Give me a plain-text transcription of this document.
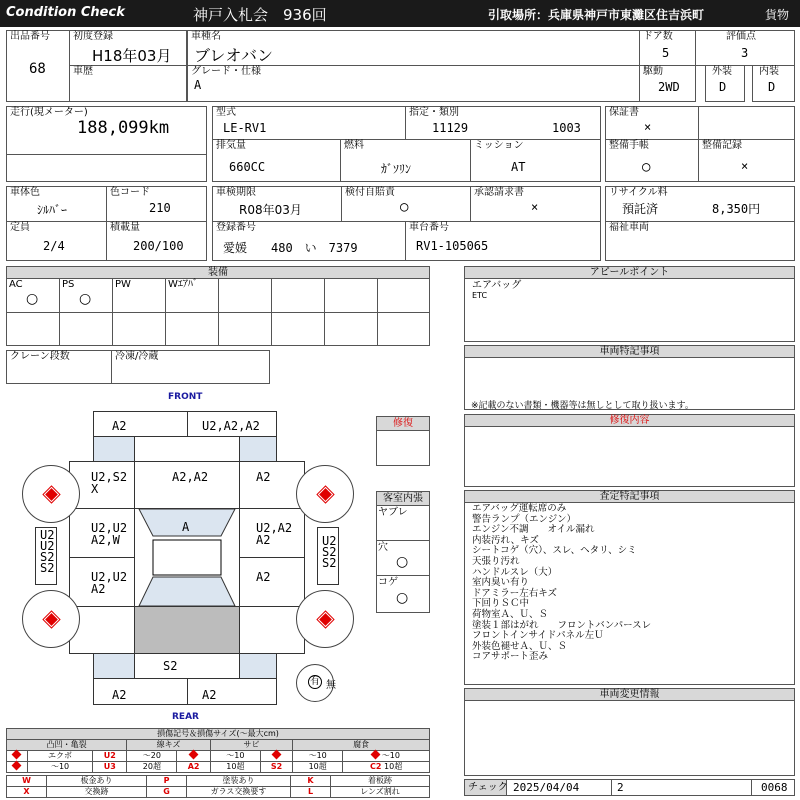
Condition Check	神戸入札会　936回	引取場所：兵庫県神戸市東灘区住吉浜町	貨物
出品番号
68
初度登録
H18年03月
車種名
ブレオバン
ドア数
5
評価点
3
車歴	グレード・仕様
A
駆動
2WD
外装
D
内装
D
走行(現メーター)
188,099km
型式
LE-RV1
指定・類別
11129	1003
保証書
×
排気量
660CC
燃料
ｶﾞｿﾘﾝ
ミッション
AT
整備手帳
○
整備記録
×
車体色
ｼﾙﾊﾞｰ
色コード
210
車検期限
R08年03月
検付自賠責
○
承認請求書
×
リサイクル料
預託済	8,350円
定員
2/4
積載量
200/100
登録番号
愛媛　　480　い　7379
車台番号
RV1-105065
福祉車両
装備
AC
○
PS
○
PW	Wｴｱﾊﾞ
クレーン段数	冷凍/冷蔵
FRONT
REAR
A2	U2,A2,A2
U2,S2
X
A2,A2	A2
U2,U2
A2,W
U2,A2
A2
U2,U2
A2
A2
A
U2
U2
S2
S2
U2
S2
S2
S2
A2	A2
有 無
修復
客室内張
ヤブレ
穴
○
コゲ
○
損傷記号＆損傷サイズ(〜最大cm)
凸凹・亀裂			線キズ		サビ		腐食	
	エクボ	U2	〜20		〜10		〜10	〜10
	〜10	U3	20超	A2	10超	S2	10超	C2 10超
W	板金あり	P	塗装あり	K	着板跡
X	交換跡	G	ガラス交換要す	L	レンズ割れ
アピールポイント
エアバッグ
ETC
車両特記事項
※記載のない書類・機器等は無しとして取り扱います。
修復内容
査定特記事項
エアバッグ運転席のみ
警告ランプ（エンジン）
エンジン不調　　オイル漏れ
内装汚れ、キズ
シートコゲ（穴）、スレ、ヘタリ、シミ
天張り汚れ
ハンドルスレ（大）
室内臭い有り
ドアミラー左右キズ
下回りＳＣ中
荷物室Ａ、Ｕ、Ｓ
塗装１部はがれ　　フロントバンパースレ
フロントインサイドパネル左Ｕ
外装色褪せＡ、Ｕ、Ｓ
コアサポート歪み
車両変更情報
チェック 2025/04/04	2	0068
